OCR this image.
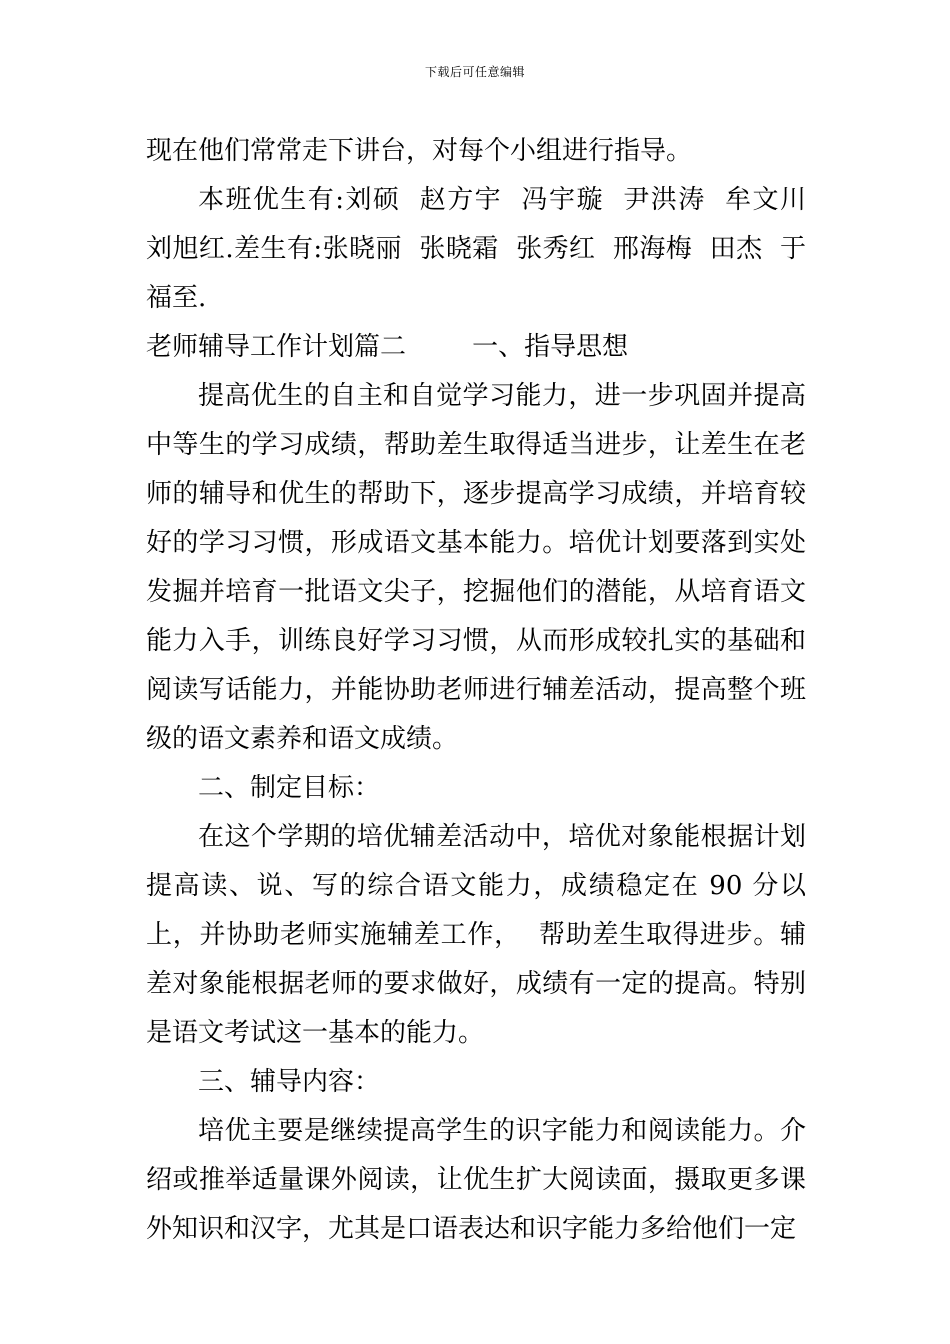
下载后可任意编辑

现在他们常常走下讲台，对每个小组进行指导。

本班优生有:刘硕  赵方宇  冯宇璇  尹洪涛  牟文川  刘旭红.差生有:张晓丽  张晓霜  张秀红  邢海梅  田杰  于福至.

老师辅导工作计划篇二        一、指导思想

提高优生的自主和自觉学习能力，进一步巩固并提高中等生的学习成绩，帮助差生取得适当进步，让差生在老师的辅导和优生的帮助下，逐步提高学习成绩，并培育较好的学习习惯，形成语文基本能力。培优计划要落到实处发掘并培育一批语文尖子，挖掘他们的潜能，从培育语文能力入手，训练良好学习习惯，从而形成较扎实的基础和阅读写话能力，并能协助老师进行辅差活动，提高整个班级的语文素养和语文成绩。

二、制定目标：

在这个学期的培优辅差活动中，培优对象能根据计划提高读、说、写的综合语文能力，成绩稳定在 90 分以上，并协助老师实施辅差工作，  帮助差生取得进步。辅差对象能根据老师的要求做好，成绩有一定的提高。特别是语文考试这一基本的能力。

三、辅导内容：

培优主要是继续提高学生的识字能力和阅读能力。介绍或推举适量课外阅读，让优生扩大阅读面，摄取更多课外知识和汉字，尤其是口语表达和识字能力多给他们一定
